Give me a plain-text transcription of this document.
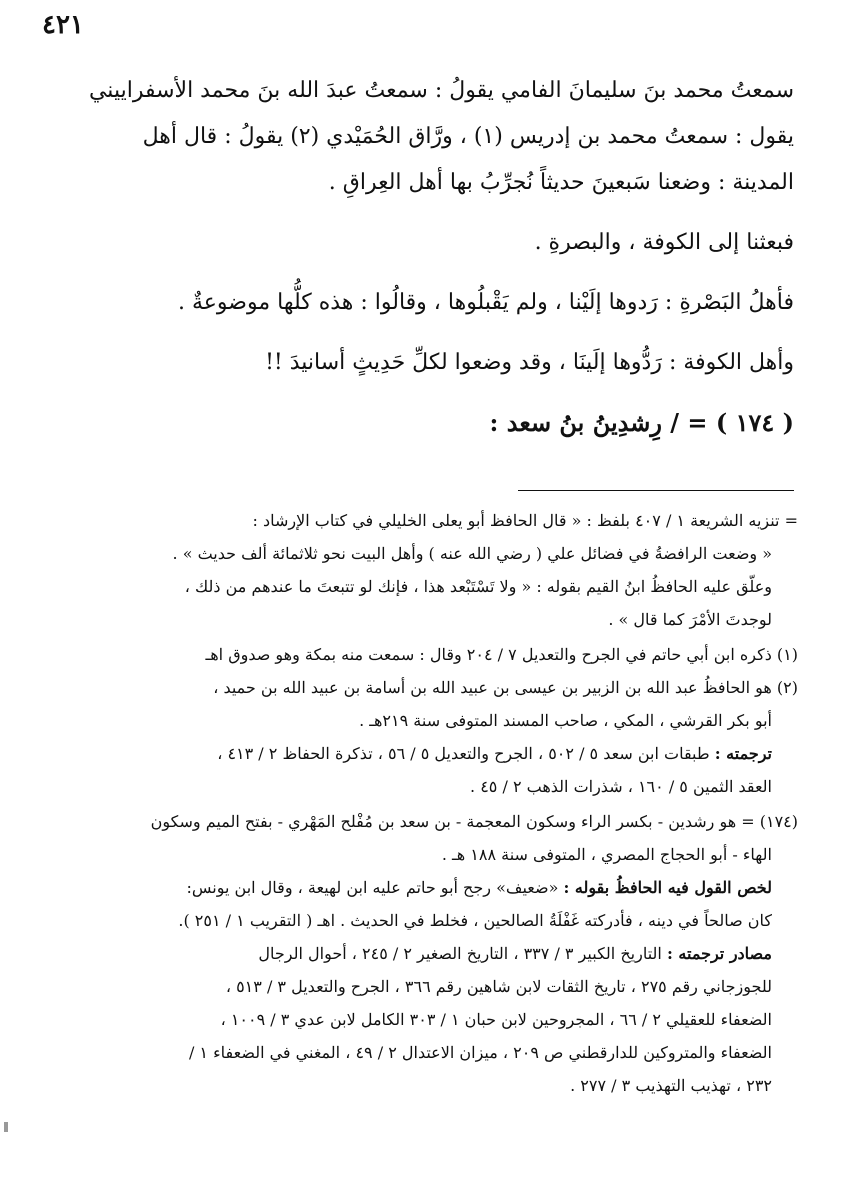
٤٢١

سمعتُ محمد بنَ سليمانَ الفامي يقولُ : سمعتُ عبدَ الله بنَ محمد الأسفراييني

يقول : سمعتُ محمد بن إدريس (١) ، ورَّاق الحُمَيْدي (٢) يقولُ : قال أهل

المدينة : وضعنا سَبعينَ حديثاً نُجرِّبُ بها أهل العِراقِ .

فبعثنا إلى الكوفة ، والبصرةِ .

فأهلُ البَصْرةِ : رَدوها إلَيْنا ، ولم يَقْبلُوها ، وقالُوا : هذه كلُّها موضوعةٌ .

وأهل الكوفة : رَدُّوها إلَينَا ، وقد وضعوا لكلِّ حَدِيثٍ أسانيدَ !!

( ١٧٤ ) = / رِشدِينُ بنُ سعد :

= تنزيه الشريعة ١ / ٤٠٧ بلفظ : « قال الحافظ أبو يعلى الخليلي في كتاب الإرشاد :

« وضعت الرافضةُ في فضائل علي ( رضي الله عنه ) وأهل البيت نحو ثلاثمائة ألف حديث » .

وعلّق عليه الحافظُ ابنُ القيم بقوله : « ولا تَسْتَبْعد هذا ، فإنك لو تتبعتَ ما عندهم من ذلك ،

لوجدتَ الأمْرَ كما قال » .

(١) ذكره ابن أبي حاتم في الجرح والتعديل ٧ / ٢٠٤ وقال : سمعت منه بمكة وهو صدوق اهـ

(٢) هو الحافظُ عبد الله بن الزبير بن عيسى بن عبيد الله بن أسامة بن عبيد الله بن حميد ،

أبو بكر القرشي ، المكي ، صاحب المسند المتوفى سنة ٢١٩هـ .

ترجمته : طبقات ابن سعد ٥ / ٥٠٢ ، الجرح والتعديل ٥ / ٥٦ ، تذكرة الحفاظ ٢ / ٤١٣ ،

العقد الثمين ٥ / ١٦٠ ، شذرات الذهب ٢ / ٤٥ .

(١٧٤) = هو رشدين - بكسر الراء وسكون المعجمة - بن سعد بن مُفْلح المَهْري - بفتح الميم وسكون

الهاء - أبو الحجاج المصري ، المتوفى سنة ١٨٨ هـ .

لخص القول فيه الحافظُ بقوله : «ضعيف» رجح أبو حاتم عليه ابن لهيعة ، وقال ابن يونس:

كان صالحاً في دينه ، فأدركته غَفْلَةُ الصالحين ، فخلط في الحديث . اهـ ( التقريب ١ / ٢٥١ ).

مصادر ترجمته : التاريخ الكبير ٣ / ٣٣٧ ، التاريخ الصغير ٢ / ٢٤٥ ، أحوال الرجال

للجوزجاني رقم ٢٧٥ ، تاريخ الثقات لابن شاهين رقم ٣٦٦ ، الجرح والتعديل ٣ / ٥١٣ ،

الضعفاء للعقيلي ٢ / ٦٦ ، المجروحين لابن حبان ١ / ٣٠٣ الكامل لابن عدي ٣ / ١٠٠٩ ،

الضعفاء والمتروكين للدارقطني ص ٢٠٩ ، ميزان الاعتدال ٢ / ٤٩ ، المغني في الضعفاء ١ /

٢٣٢ ، تهذيب التهذيب ٣ / ٢٧٧ .
